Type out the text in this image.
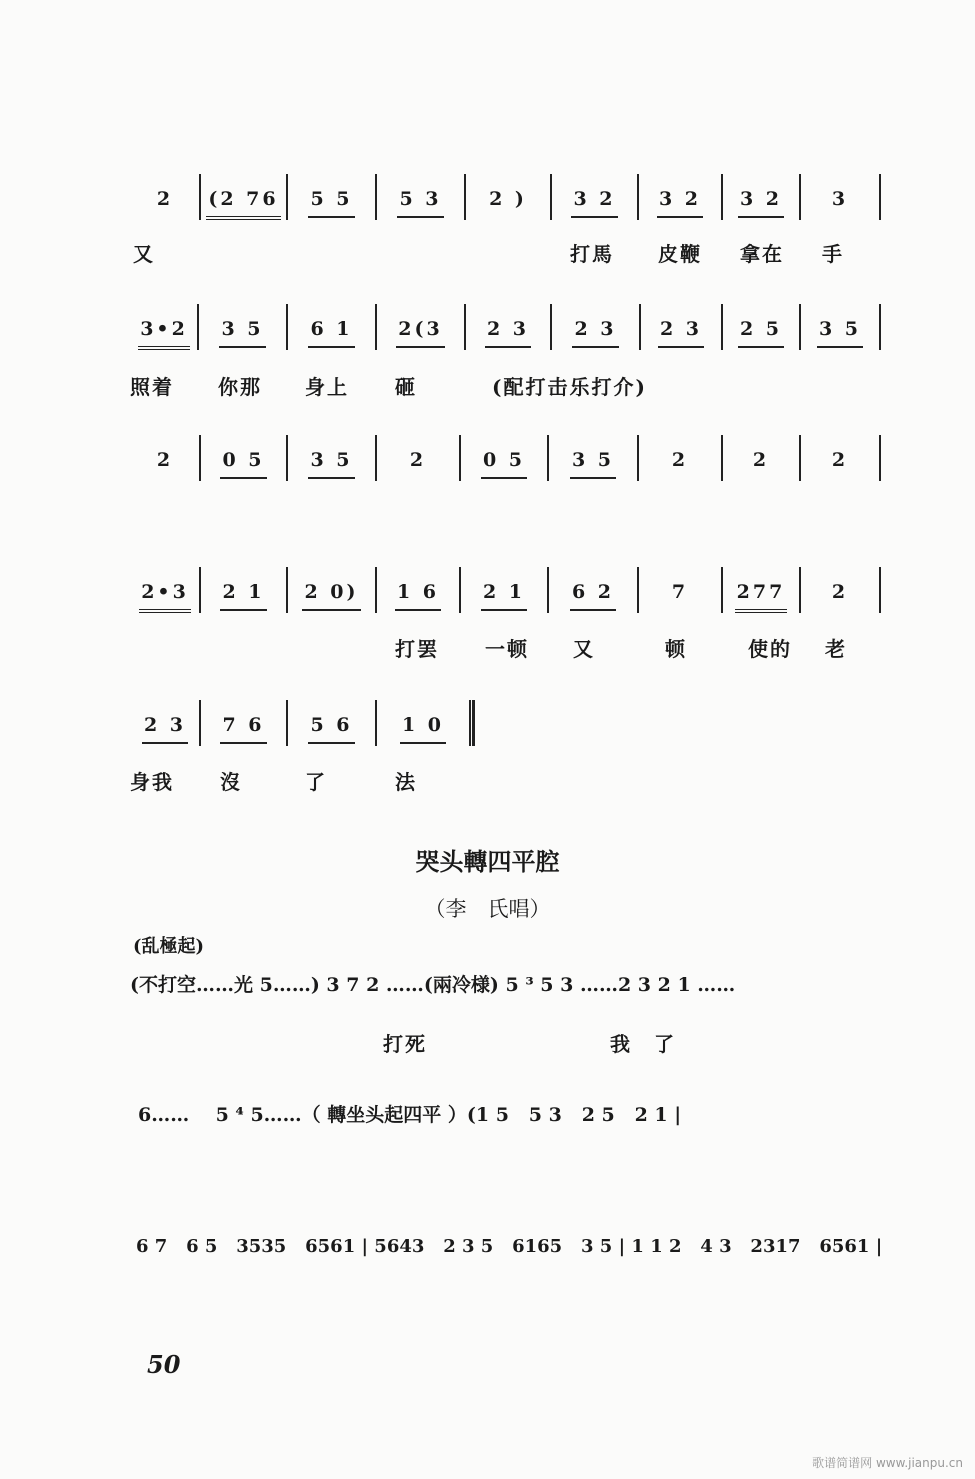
2	(2 76	5 5	5 3	2 )	3 2	3 2	3 2	3
又	打馬 皮鞭 拿在 手
3•2	3 5	6 1	2(3	2 3	2 3	2 3	2 5	3 5
照着 你那 身上 砸	(配打击乐打介)
2	0 5	3 5	2	0 5	3 5	2	2	2
2•3	2 1	2 0)	1 6	2 1	6 2	7	277	2
打罢 一顿 又	顿	使的 老
2 3	7 6	5 6	1 0
身我 沒	了	法
哭头轉四平腔
（李　氏唱）
(乱極起)
(不打空……光 5……) 3 7 2 ……(兩冷様) 5 ³ 5 3 ……2 3 2 1 ……
打死	我　了
6……    5 ⁴ 5……（ 轉坐头起四平 ）(1 5   5 3   2 5   2 1 |
6 7   6 5   3535   6561 | 5643   2 3 5   6165   3 5 | 1 1 2   4 3   2317   6561 |
50
歌谱简谱网 www.jianpu.cn
